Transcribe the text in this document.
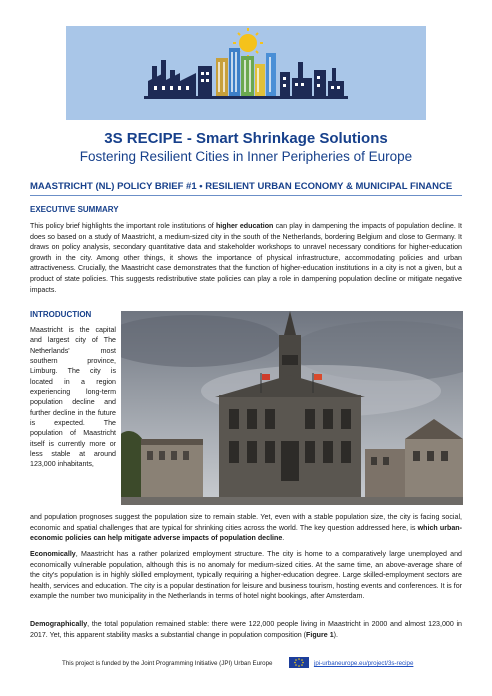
3S RECIPE - Smart Shrinkage Solutions
Fostering Resilient Cities in Inner Peripheries of Europe
MAASTRICHT (NL) POLICY BRIEF #1 • RESILIENT URBAN ECONOMY & MUNICIPAL FINANCE
EXECUTIVE SUMMARY
This policy brief highlights the important role institutions of higher education can play in dampening the impacts of population decline. It does so based on a study of Maastricht, a medium-sized city in the south of the Netherlands, bordering Belgium and close to Germany. It draws on policy analysis, secondary quantitative data and stakeholder workshops to unravel necessary conditions for higher-education growth in the city. Among other things, it shows the importance of physical infrastructure, accommodating policies and urban attractiveness. Crucially, the Maastricht case demonstrates that the function of higher-education institutions in a city is not a given, but a product of state policies. This suggests redistributive state policies can play a role in dampening population decline or mitigate negative impacts.
INTRODUCTION
Maastricht is the capital and largest city of The Netherlands' most southern province, Limburg. The city is located in a region experiencing long-term population decline and further decline in the future is expected. The population of Maastricht itself is currently more or less stable at around 123,000 inhabitants,
and population prognoses suggest the population size to remain stable. Yet, even with a stable population size, the city is facing social, economic and spatial challenges that are typical for shrinking cities across the world. The key question addressed here, is which urban-economic policies can help mitigate adverse impacts of population decline.
Economically, Maastricht has a rather polarized employment structure. The city is home to a comparatively large unemployed and economically vulnerable population, although this is no anomaly for medium-sized cities. At the same time, an above-average share of the city's population is in highly skilled employment, typically requiring a higher-education degree. Large skilled-employment sectors are health, services and education. The city is a popular destination for leisure and business tourism, hosting events and conferences. It is for example the number two municipality in the Netherlands in terms of hotel night bookings, after Amsterdam.
Demographically, the total population remained stable: there were 122,000 people living in Maastricht in 2000 and almost 123,000 in 2017. Yet, this apparent stability masks a substantial change in population composition (Figure 1).
This project is funded by the Joint Programming Initiative (JPI) Urban Europe	jpi-urbaneurope.eu/project/3s-recipe
